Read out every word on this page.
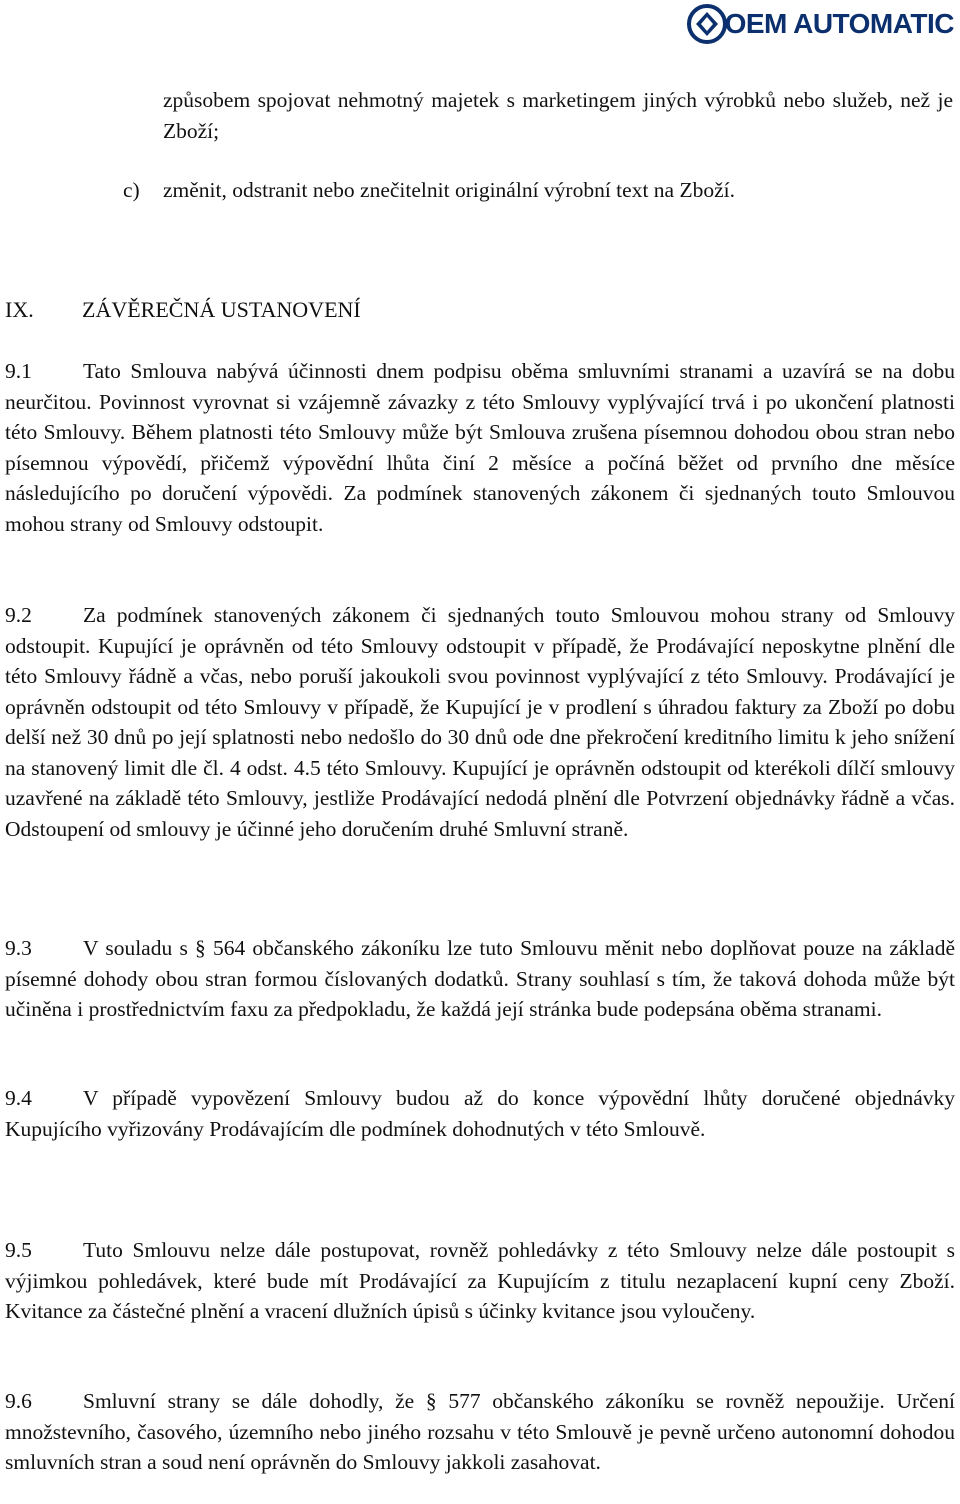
OEM AUTOMATIC

způsobem spojovat nehmotný majetek s marketingem jiných výrobků nebo služeb, než je Zboží;

c) změnit, odstranit nebo znečitelnit originální výrobní text na Zboží.

IX. ZÁVĚREČNÁ USTANOVENÍ
9.1	Tato Smlouva nabývá účinnosti dnem podpisu oběma smluvními stranami a uzavírá se na dobu neurčitou. Povinnost vyrovnat si vzájemně závazky z této Smlouvy vyplývající trvá i po ukončení platnosti této Smlouvy. Během platnosti této Smlouvy může být Smlouva zrušena písemnou dohodou obou stran nebo písemnou výpovědí, přičemž výpovědní lhůta činí 2 měsíce a počíná běžet od prvního dne měsíce následujícího po doručení výpovědi. Za podmínek stanovených zákonem či sjednaných touto Smlouvou mohou strany od Smlouvy odstoupit.

9.2	Za podmínek stanovených zákonem či sjednaných touto Smlouvou mohou strany od Smlouvy odstoupit. Kupující je oprávněn od této Smlouvy odstoupit v případě, že Prodávající neposkytne plnění dle této Smlouvy řádně a včas, nebo poruší jakoukoli svou povinnost vyplývající z této Smlouvy. Prodávající je oprávněn odstoupit od této Smlouvy v případě, že Kupující je v prodlení s úhradou faktury za Zboží po dobu delší než 30 dnů po její splatnosti nebo nedošlo do 30 dnů ode dne překročení kreditního limitu k jeho snížení na stanovený limit dle čl. 4 odst. 4.5 této Smlouvy. Kupující je oprávněn odstoupit od kterékoli dílčí smlouvy uzavřené na základě této Smlouvy, jestliže Prodávající nedodá plnění dle Potvrzení objednávky řádně a včas. Odstoupení od smlouvy je účinné jeho doručením druhé Smluvní straně.

9.3	V souladu s § 564 občanského zákoníku lze tuto Smlouvu měnit nebo doplňovat pouze na základě písemné dohody obou stran formou číslovaných dodatků. Strany souhlasí s tím, že taková dohoda může být učiněna i prostřednictvím faxu za předpokladu, že každá její stránka bude podepsána oběma stranami.

9.4	V případě vypovězení Smlouvy budou až do konce výpovědní lhůty doručené objednávky Kupujícího vyřizovány Prodávajícím dle podmínek dohodnutých v této Smlouvě.

9.5	Tuto Smlouvu nelze dále postupovat, rovněž pohledávky z této Smlouvy nelze dále postoupit s výjimkou pohledávek, které bude mít Prodávající za Kupujícím z titulu nezaplacení kupní ceny Zboží. Kvitance za částečné plnění a vracení dlužních úpisů s účinky kvitance jsou vyloučeny.

9.6	Smluvní strany se dále dohodly, že § 577 občanského zákoníku se rovněž nepoužije. Určení množstevního, časového, územního nebo jiného rozsahu v této Smlouvě je pevně určeno autonomní dohodou smluvních stran a soud není oprávněn do Smlouvy jakkoli zasahovat.
